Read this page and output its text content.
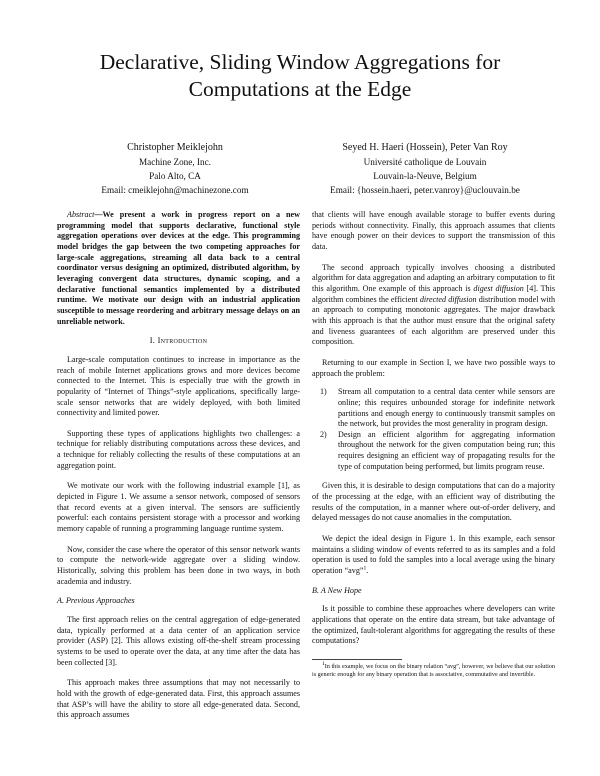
Declarative, Sliding Window Aggregations for Computations at the Edge
Christopher Meiklejohn
Machine Zone, Inc.
Palo Alto, CA
Email: cmeiklejohn@machinezone.com
Seyed H. Haeri (Hossein), Peter Van Roy
Université catholique de Louvain
Louvain-la-Neuve, Belgium
Email: {hossein.haeri, peter.vanroy}@uclouvain.be

Abstract—We present a work in progress report on a new programming model that supports declarative, functional style aggregation operations over devices at the edge. This programming model bridges the gap between the two competing approaches for large-scale aggregations, streaming all data back to a central coordinator versus designing an optimized, distributed algorithm, by leveraging convergent data structures, dynamic scoping, and a declarative functional semantics implemented by a distributed runtime. We motivate our design with an industrial application susceptible to message reordering and arbitrary message delays on an unreliable network.

I. Introduction

Large-scale computation continues to increase in importance as the reach of mobile Internet applications grows and more devices become connected to the Internet. This is especially true with the growth in popularity of “Internet of Things”-style applications, specifically large-scale sensor networks that are widely deployed, with both limited connectivity and limited power.

Supporting these types of applications highlights two challenges: a technique for reliably distributing computations across these devices, and a technique for reliably collecting the results of these computations at an aggregation point.

We motivate our work with the following industrial example [1], as depicted in Figure 1. We assume a sensor network, composed of sensors that record events at a given interval. The sensors are sufficiently powerful: each contains persistent storage with a processor and working memory capable of running a programming language runtime system.

Now, consider the case where the operator of this sensor network wants to compute the network-wide aggregate over a sliding window. Historically, solving this problem has been done in two ways, in both academia and industry.

A. Previous Approaches

The first approach relies on the central aggregation of edge-generated data, typically performed at a data center of an application service provider (ASP) [2]. This allows existing off-the-shelf stream processing systems to be used to operate over the data, at any time after the data has been collected [3].

This approach makes three assumptions that may not necessarily to hold with the growth of edge-generated data. First, this approach assumes that ASP’s will have the ability to store all edge-generated data. Second, this approach assumes

that clients will have enough available storage to buffer events during periods without connectivity. Finally, this approach assumes that clients have enough power on their devices to support the transmission of this data.

The second approach typically involves choosing a distributed algorithm for data aggregation and adapting an arbitrary computation to fit this algorithm. One example of this approach is digest diffusion [4]. This algorithm combines the efficient directed diffusion distribution model with an approach to computing monotonic aggregates. The major drawback with this approach is that the author must ensure that the original safety and liveness guarantees of each algorithm are preserved under this composition.

Returning to our example in Section I, we have two possible ways to approach the problem:

1)	Stream all computation to a central data center while sensors are online; this requires unbounded storage for indefinite network partitions and enough energy to continuously transmit samples on the network, but provides the most generality in program design.
2)	Design an efficient algorithm for aggregating information throughout the network for the given computation being run; this requires designing an efficient way of propagating results for the type of computation being performed, but limits program reuse.

Given this, it is desirable to design computations that can do a majority of the processing at the edge, with an efficient way of distributing the results of the computation, in a manner where out-of-order delivery, and delayed messages do not cause anomalies in the computation.

We depict the ideal design in Figure 1. In this example, each sensor maintains a sliding window of events referred to as its samples and a fold operation is used to fold the samples into a local average using the binary operation “avg”$^1$.

B. A New Hope

Is it possible to combine these approaches where developers can write applications that operate on the entire data stream, but take advantage of the optimized, fault-tolerant algorithms for aggregating the results of these computations?

$^1$In this example, we focus on the binary relation “avg”, however, we believe that our solution is generic enough for any binary operation that is associative, commutative and invertible.
